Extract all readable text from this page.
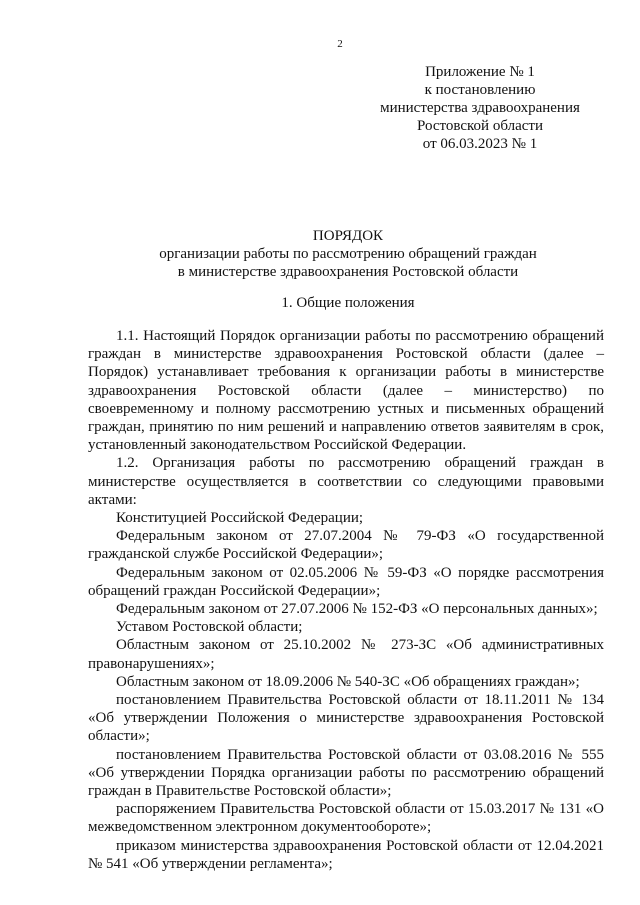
2
Приложение № 1
к постановлению
министерства здравоохранения
Ростовской области
от 06.03.2023 № 1
ПОРЯДОК
организации работы по рассмотрению обращений граждан
в министерстве здравоохранения Ростовской области
1. Общие положения

1.1. Настоящий Порядок организации работы по рассмотрению обращений граждан в министерстве здравоохранения Ростовской области (далее – Порядок) устанавливает требования к организации работы в министерстве здравоохранения Ростовской области (далее – министерство) по своевременному и полному рассмотрению устных и письменных обращений граждан, принятию по ним решений и направлению ответов заявителям в срок, установленный законодательством Российской Федерации.

1.2. Организация работы по рассмотрению обращений граждан в министерстве осуществляется в соответствии со следующими правовыми актами:

Конституцией Российской Федерации;

Федеральным законом от 27.07.2004 № 79-ФЗ «О государственной гражданской службе Российской Федерации»;

Федеральным законом от 02.05.2006 № 59-ФЗ «О порядке рассмотрения обращений граждан Российской Федерации»;

Федеральным законом от 27.07.2006 № 152-ФЗ «О персональных данных»;

Уставом Ростовской области;

Областным законом от 25.10.2002 № 273-ЗС «Об административных правонарушениях»;

Областным законом от 18.09.2006 № 540-ЗС «Об обращениях граждан»;

постановлением Правительства Ростовской области от 18.11.2011 № 134 «Об утверждении Положения о министерстве здравоохранения Ростовской области»;

постановлением Правительства Ростовской области от 03.08.2016 № 555 «Об утверждении Порядка организации работы по рассмотрению обращений граждан в Правительстве Ростовской области»;

распоряжением Правительства Ростовской области от 15.03.2017 № 131 «О межведомственном электронном документообороте»;

приказом министерства здравоохранения Ростовской области от 12.04.2021 № 541 «Об утверждении регламента»;
